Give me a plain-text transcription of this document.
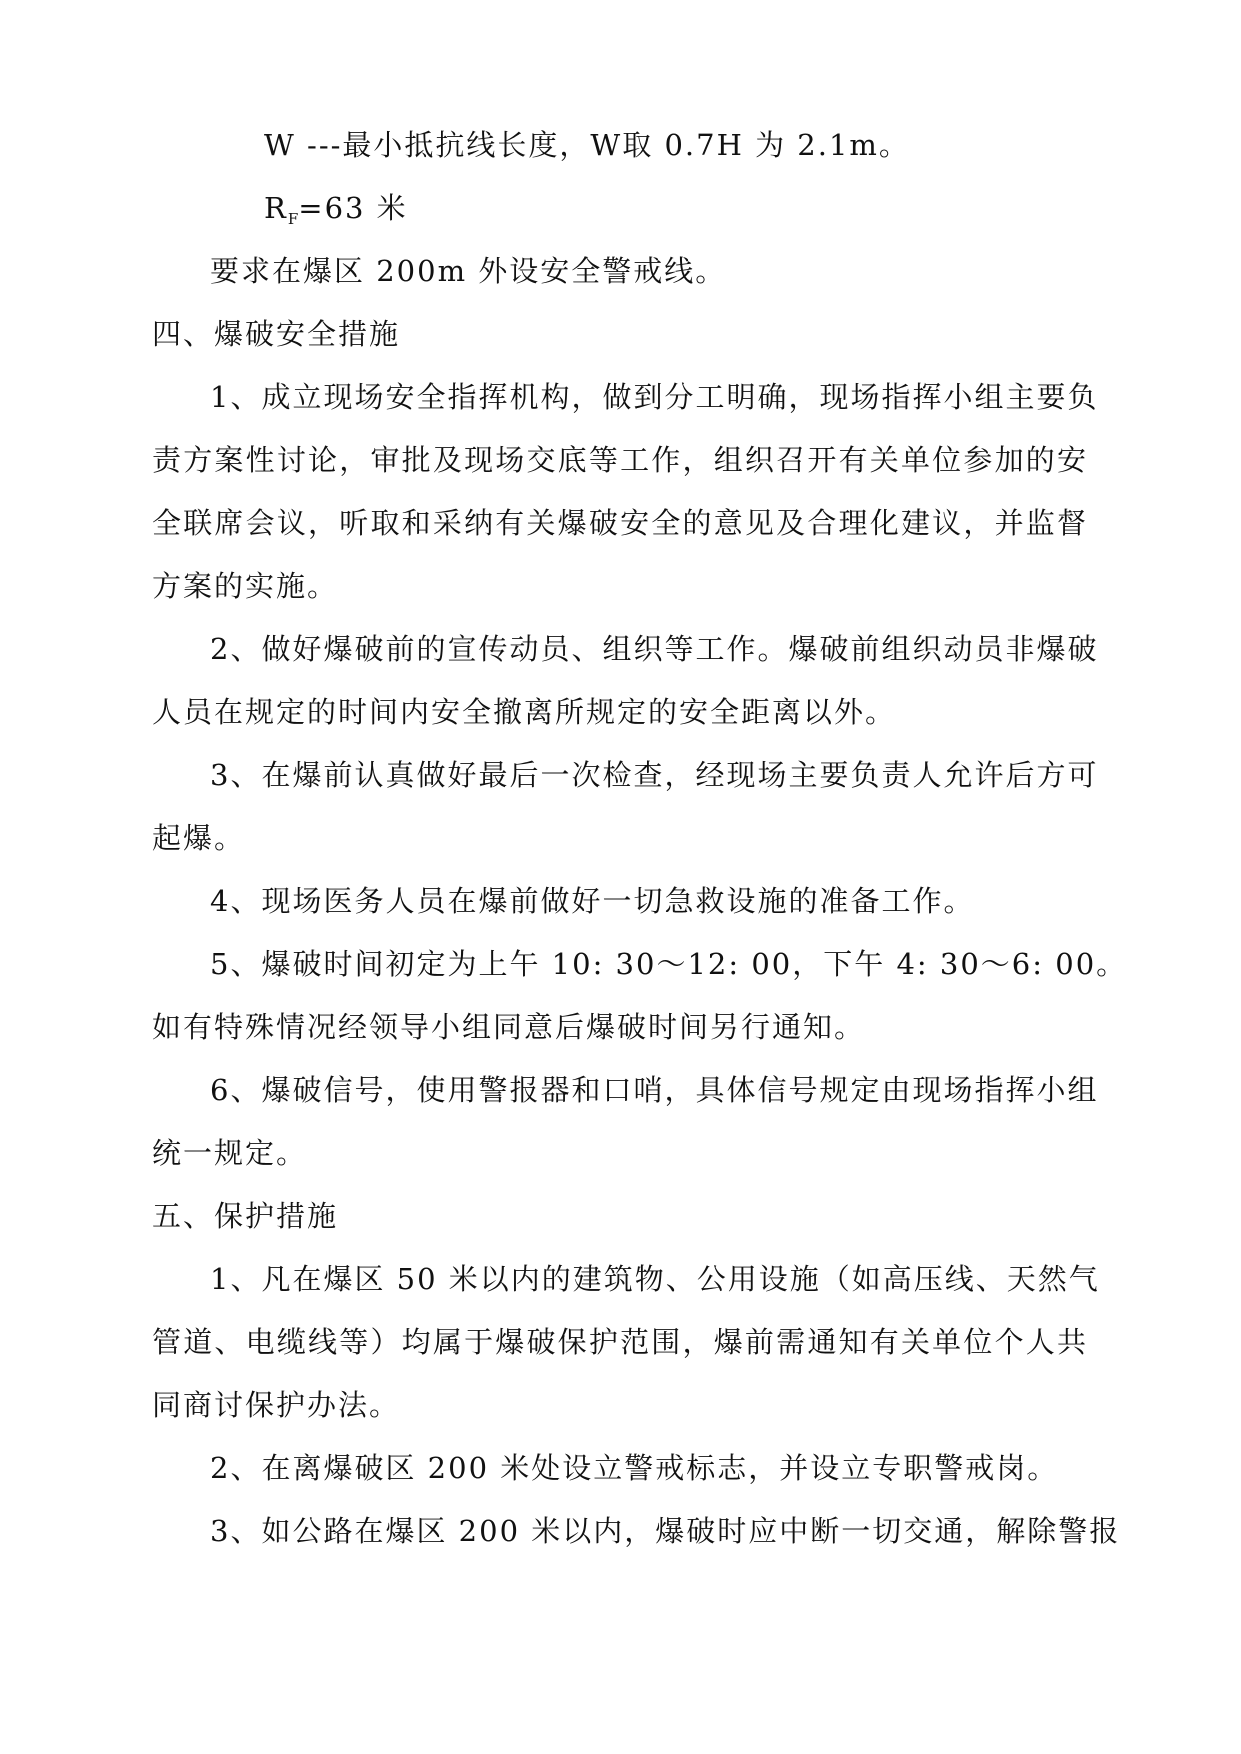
W ---最小抵抗线长度，W取 0.7H 为 2.1m。
$R_F=63$ 米
要求在爆区 200m 外设安全警戒线。
四、爆破安全措施
1、成立现场安全指挥机构，做到分工明确，现场指挥小组主要负
责方案性讨论，审批及现场交底等工作，组织召开有关单位参加的安
全联席会议，听取和采纳有关爆破安全的意见及合理化建议，并监督
方案的实施。
2、做好爆破前的宣传动员、组织等工作。爆破前组织动员非爆破
人员在规定的时间内安全撤离所规定的安全距离以外。
3、在爆前认真做好最后一次检查，经现场主要负责人允许后方可
起爆。
4、现场医务人员在爆前做好一切急救设施的准备工作。
5、爆破时间初定为上午 10: 30～12: 00，下午 4: 30～6: 00。
如有特殊情况经领导小组同意后爆破时间另行通知。
6、爆破信号，使用警报器和口哨，具体信号规定由现场指挥小组
统一规定。
五、保护措施
1、凡在爆区 50 米以内的建筑物、公用设施（如高压线、天然气
管道、电缆线等）均属于爆破保护范围，爆前需通知有关单位个人共
同商讨保护办法。
2、在离爆破区 200 米处设立警戒标志，并设立专职警戒岗。
3、如公路在爆区 200 米以内，爆破时应中断一切交通，解除警报
